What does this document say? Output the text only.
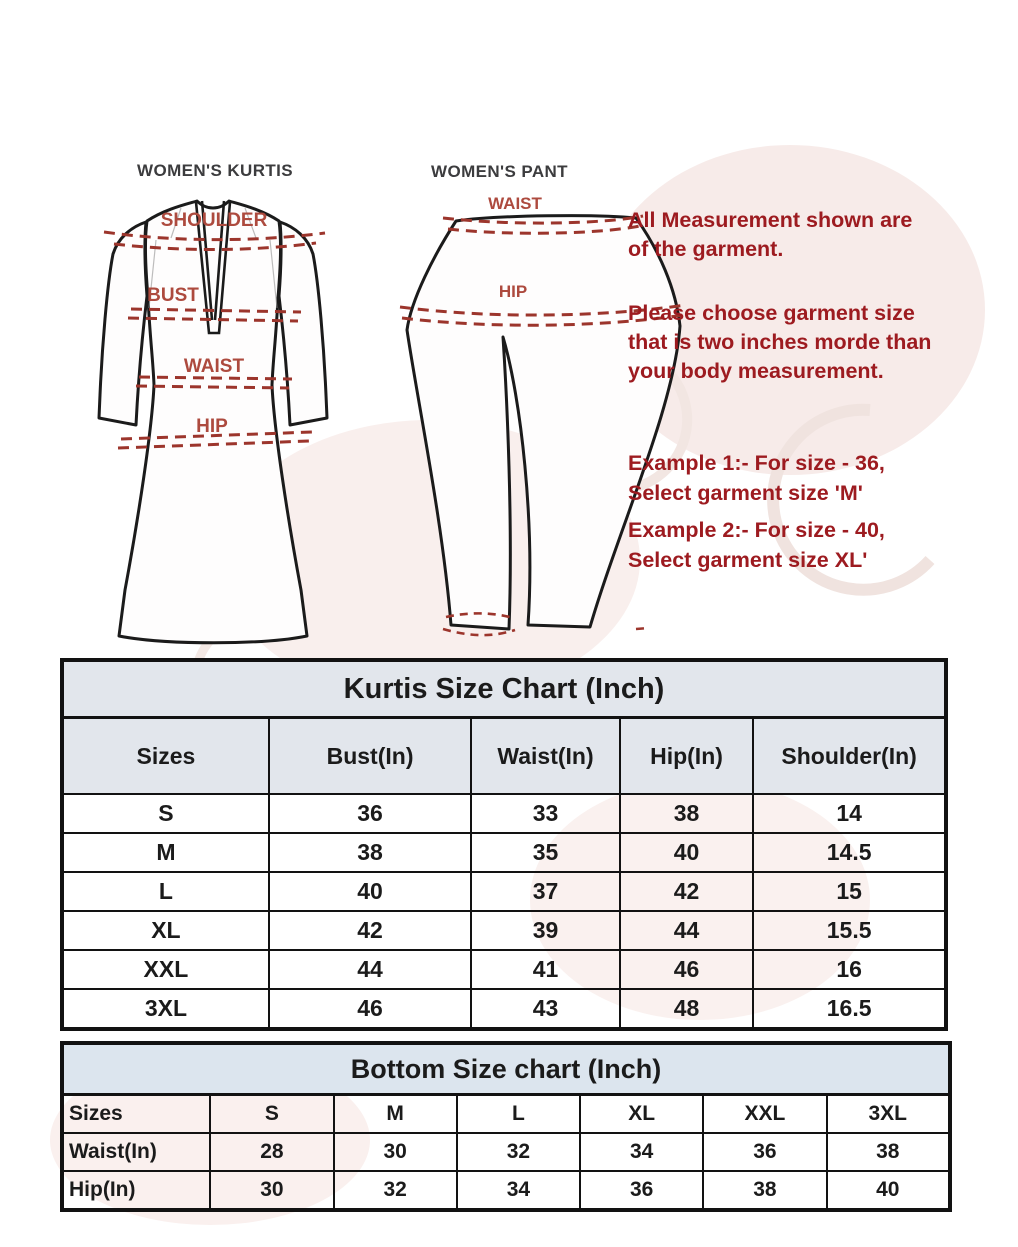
WOMEN'S KURTIS	WOMEN'S PANT
SHOULDER
BUST
WAIST
HIP
WAIST
HIP
All Measurement shown are
of the garment.
Please choose garment size
that is two inches morde than
your body measurement.
Example 1:- For size - 36,
Select garment size 'M'
Example 2:- For size - 40,
Select garment size XL'
Kurtis Size Chart (Inch)				
Sizes	Bust(In)	Waist(In)	Hip(In)	Shoulder(In)
S	36	33	38	14
M	38	35	40	14.5
L	40	37	42	15
XL	42	39	44	15.5
XXL	44	41	46	16
3XL	46	43	48	16.5
Bottom Size chart (Inch)						
Sizes	S	M	L	XL	XXL	3XL
Waist(In)	28	30	32	34	36	38
Hip(In)	30	32	34	36	38	40
